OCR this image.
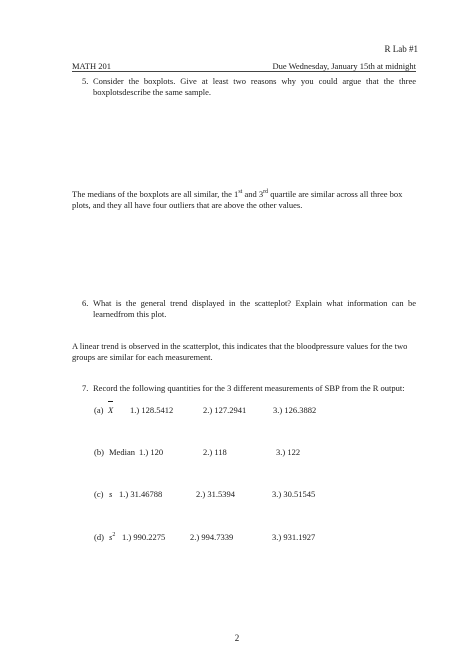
R Lab #1
MATH 201	Due Wednesday, January 15th at midnight
5. Consider the boxplots. Give at least two reasons why you could argue that the three boxplotsdescribe the same sample.
The medians of the boxplots are all similar, the 1st and 3rd quartile are similar across all three box plots, and they all have four outliers that are above the other values.
6. What is the general trend displayed in the scatteplot? Explain what information can be learnedfrom this plot.
A linear trend is observed in the scatterplot, this indicates that the bloodpressure values for the two groups are similar for each measurement.
7. Record the following quantities for the 3 different measurements of SBP from the R output:
(a) X 1.) 128.5412	2.) 127.2941	3.) 126.3882
(b) Median 1.) 120	2.) 118	3.) 122
(c) s 1.) 31.46788	2.) 31.5394	3.) 30.51545
(d) $s^2$ 1.) 990.2275	2.) 994.7339	3.) 931.1927
2
